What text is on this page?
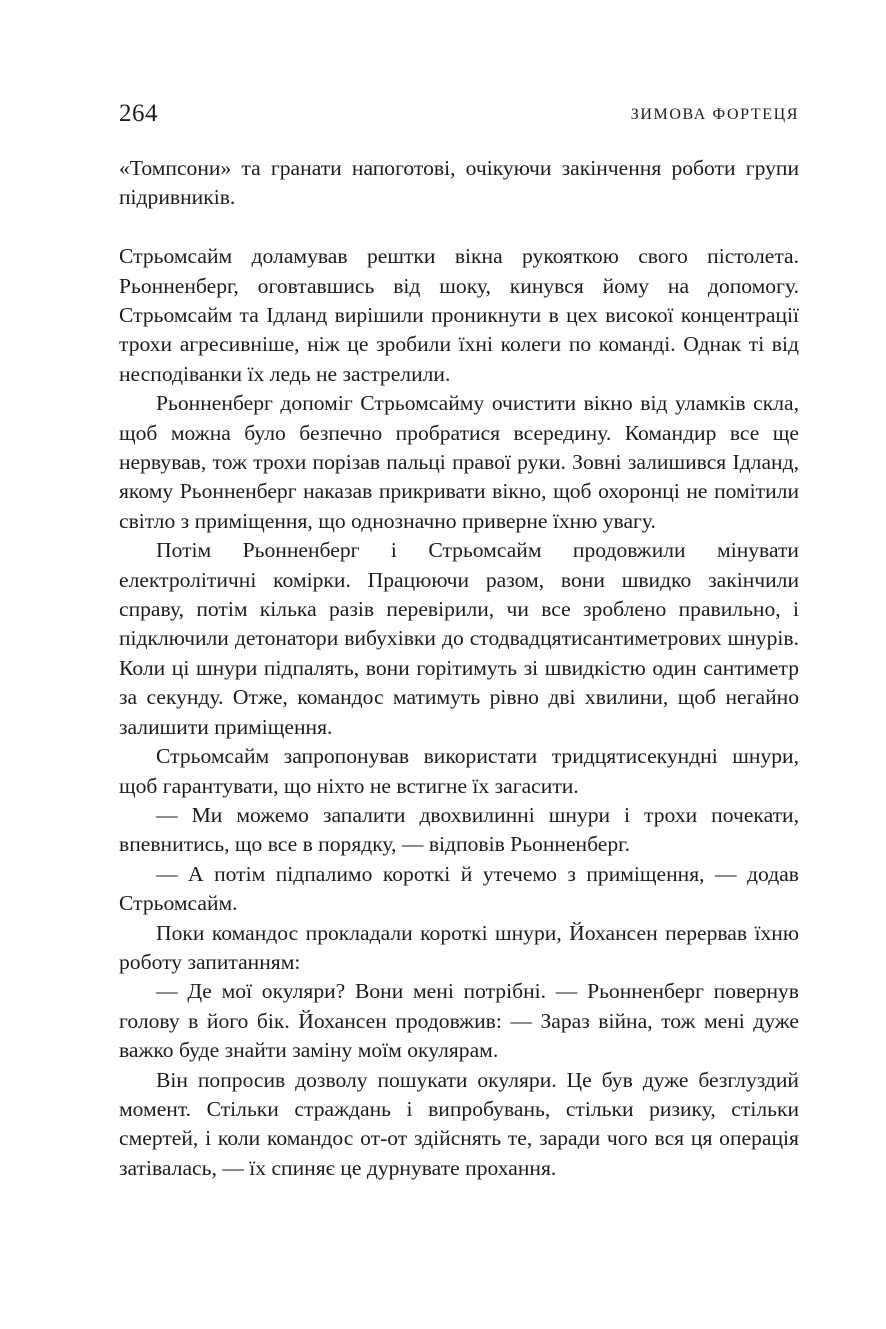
264	ЗИМОВА ФОРТЕЦЯ

«Томпсони» та гранати напоготові, очікуючи закінчення роботи групи підривників.

Стрьомсайм доламував рештки вікна рукояткою свого пістолета. Рьонненберг, оговтавшись від шоку, кинувся йому на допомогу. Стрьомсайм та Ідланд вирішили проникнути в цех високої концентрації трохи агресивніше, ніж це зробили їхні колеги по команді. Однак ті від несподіванки їх ледь не застрелили.

Рьонненберг допоміг Стрьомсайму очистити вікно від уламків скла, щоб можна було безпечно пробратися всередину. Командир все ще нервував, тож трохи порізав пальці правої руки. Зовні залишився Ідланд, якому Рьонненберг наказав прикривати вікно, щоб охоронці не помітили світло з приміщення, що однозначно приверне їхню увагу.

Потім Рьонненберг і Стрьомсайм продовжили мінувати електролітичні комірки. Працюючи разом, вони швидко закінчили справу, потім кілька разів перевірили, чи все зроблено правильно, і підключили детонатори вибухівки до стодвадцятисантиметрових шнурів. Коли ці шнури підпалять, вони горітимуть зі швидкістю один сантиметр за секунду. Отже, командос матимуть рівно дві хвилини, щоб негайно залишити приміщення.

Стрьомсайм запропонував використати тридцятисекундні шнури, щоб гарантувати, що ніхто не встигне їх загасити.

— Ми можемо запалити двохвилинні шнури і трохи почекати, впевнитись, що все в порядку, — відповів Рьонненберг.

— А потім підпалимо короткі й утечемо з приміщення, — додав Стрьомсайм.

Поки командос прокладали короткі шнури, Йохансен перервав їхню роботу запитанням:

— Де мої окуляри? Вони мені потрібні. — Рьонненберг повернув голову в його бік. Йохансен продовжив: — Зараз війна, тож мені дуже важко буде знайти заміну моїм окулярам.

Він попросив дозволу пошукати окуляри. Це був дуже безглуздий момент. Стільки страждань і випробувань, стільки ризику, стільки смертей, і коли командос от-от здійснять те, заради чого вся ця операція затівалась, — їх спиняє це дурнувате прохання.
